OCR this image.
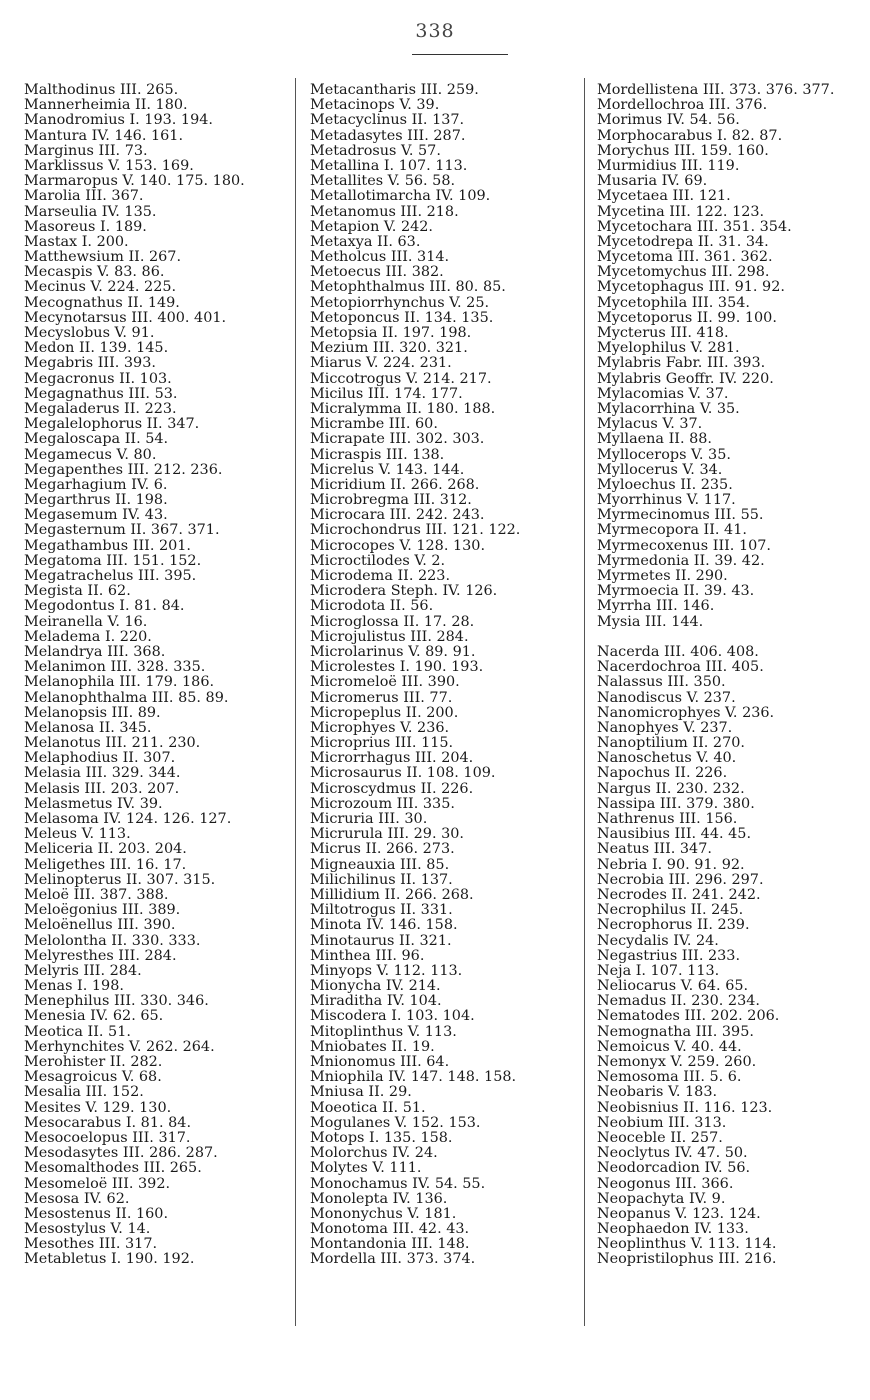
338
Malthodinus III. 265.
Mannerheimia II. 180.
Manodromius I. 193. 194.
Mantura IV. 146. 161.
Marginus III. 73.
Marklissus V. 153. 169.
Marmaropus V. 140. 175. 180.
Marolia III. 367.
Marseulia IV. 135.
Masoreus I. 189.
Mastax I. 200.
Matthewsium II. 267.
Mecaspis V. 83. 86.
Mecinus V. 224. 225.
Mecognathus II. 149.
Mecynotarsus III. 400. 401.
Mecyslobus V. 91.
Medon II. 139. 145.
Megabris III. 393.
Megacronus II. 103.
Megagnathus III. 53.
Megaladerus II. 223.
Megalelophorus II. 347.
Megaloscapa II. 54.
Megamecus V. 80.
Megapenthes III. 212. 236.
Megarhagium IV. 6.
Megarthrus II. 198.
Megasemum IV. 43.
Megasternum II. 367. 371.
Megathambus III. 201.
Megatoma III. 151. 152.
Megatrachelus III. 395.
Megista II. 62.
Megodontus I. 81. 84.
Meiranella V. 16.
Meladema I. 220.
Melandrya III. 368.
Melanimon III. 328. 335.
Melanophila III. 179. 186.
Melanophthalma III. 85. 89.
Melanopsis III. 89.
Melanosa II. 345.
Melanotus III. 211. 230.
Melaphodius II. 307.
Melasia III. 329. 344.
Melasis III. 203. 207.
Melasmetus IV. 39.
Melasoma IV. 124. 126. 127.
Meleus V. 113.
Meliceria II. 203. 204.
Meligethes III. 16. 17.
Melinopterus II. 307. 315.
Meloë III. 387. 388.
Meloëgonius III. 389.
Meloënellus III. 390.
Melolontha II. 330. 333.
Melyresthes III. 284.
Melyris III. 284.
Menas I. 198.
Menephilus III. 330. 346.
Menesia IV. 62. 65.
Meotica II. 51.
Merhynchites V. 262. 264.
Merohister II. 282.
Mesagroicus V. 68.
Mesalia III. 152.
Mesites V. 129. 130.
Mesocarabus I. 81. 84.
Mesocoelopus III. 317.
Mesodasytes III. 286. 287.
Mesomalthodes III. 265.
Mesomeloë III. 392.
Mesosa IV. 62.
Mesostenus II. 160.
Mesostylus V. 14.
Mesothes III. 317.
Metabletus I. 190. 192.
Metacantharis III. 259.
Metacinops V. 39.
Metacyclinus II. 137.
Metadasytes III. 287.
Metadrosus V. 57.
Metallina I. 107. 113.
Metallites V. 56. 58.
Metallotimarcha IV. 109.
Metanomus III. 218.
Metapion V. 242.
Metaxya II. 63.
Metholcus III. 314.
Metoecus III. 382.
Metophthalmus III. 80. 85.
Metopiorrhynchus V. 25.
Metoponcus II. 134. 135.
Metopsia II. 197. 198.
Mezium III. 320. 321.
Miarus V. 224. 231.
Miccotrogus V. 214. 217.
Micilus III. 174. 177.
Micralymma II. 180. 188.
Micrambe III. 60.
Micrapate III. 302. 303.
Micraspis III. 138.
Micrelus V. 143. 144.
Micridium II. 266. 268.
Microbregma III. 312.
Microcara III. 242. 243.
Microchondrus III. 121. 122.
Microcopes V. 128. 130.
Microctilodes V. 2.
Microdema II. 223.
Microdera Steph. IV. 126.
Microdota II. 56.
Microglossa II. 17. 28.
Microjulistus III. 284.
Microlarinus V. 89. 91.
Microlestes I. 190. 193.
Micromeloë III. 390.
Micromerus III. 77.
Micropeplus II. 200.
Microphyes V. 236.
Microprius III. 115.
Microrrhagus III. 204.
Microsaurus II. 108. 109.
Microscydmus II. 226.
Microzoum III. 335.
Micruria III. 30.
Micrurula III. 29. 30.
Micrus II. 266. 273.
Migneauxia III. 85.
Milichilinus II. 137.
Millidium II. 266. 268.
Miltotrogus II. 331.
Minota IV. 146. 158.
Minotaurus II. 321.
Minthea III. 96.
Minyops V. 112. 113.
Mionycha IV. 214.
Miraditha IV. 104.
Miscodera I. 103. 104.
Mitoplinthus V. 113.
Mniobates II. 19.
Mnionomus III. 64.
Mniophila IV. 147. 148. 158.
Mniusa II. 29.
Moeotica II. 51.
Mogulanes V. 152. 153.
Motops I. 135. 158.
Molorchus IV. 24.
Molytes V. 111.
Monochamus IV. 54. 55.
Monolepta IV. 136.
Mononychus V. 181.
Monotoma III. 42. 43.
Montandonia III. 148.
Mordella III. 373. 374.
Mordellistena III. 373. 376. 377.
Mordellochroa III. 376.
Morimus IV. 54. 56.
Morphocarabus I. 82. 87.
Morychus III. 159. 160.
Murmidius III. 119.
Musaria IV. 69.
Mycetaea III. 121.
Mycetina III. 122. 123.
Mycetochara III. 351. 354.
Mycetodrepa II. 31. 34.
Mycetoma III. 361. 362.
Mycetomychus III. 298.
Mycetophagus III. 91. 92.
Mycetophila III. 354.
Mycetoporus II. 99. 100.
Mycterus III. 418.
Myelophilus V. 281.
Mylabris Fabr. III. 393.
Mylabris Geoffr. IV. 220.
Mylacomias V. 37.
Mylacorrhina V. 35.
Mylacus V. 37.
Myllaena II. 88.
Myllocerops V. 35.
Myllocerus V. 34.
Myloechus II. 235.
Myorrhinus V. 117.
Myrmecinomus III. 55.
Myrmecopora II. 41.
Myrmecoxenus III. 107.
Myrmedonia II. 39. 42.
Myrmetes II. 290.
Myrmoecia II. 39. 43.
Myrrha III. 146.
Mysia III. 144.
Nacerda III. 406. 408.
Nacerdochroa III. 405.
Nalassus III. 350.
Nanodiscus V. 237.
Nanomicrophyes V. 236.
Nanophyes V. 237.
Nanoptilium II. 270.
Nanoschetus V. 40.
Napochus II. 226.
Nargus II. 230. 232.
Nassipa III. 379. 380.
Nathrenus III. 156.
Nausibius III. 44. 45.
Neatus III. 347.
Nebria I. 90. 91. 92.
Necrobia III. 296. 297.
Necrodes II. 241. 242.
Necrophilus II. 245.
Necrophorus II. 239.
Necydalis IV. 24.
Negastrius III. 233.
Neja I. 107. 113.
Neliocarus V. 64. 65.
Nemadus II. 230. 234.
Nematodes III. 202. 206.
Nemognatha III. 395.
Nemoicus V. 40. 44.
Nemonyx V. 259. 260.
Nemosoma III. 5. 6.
Neobaris V. 183.
Neobisnius II. 116. 123.
Neobium III. 313.
Neoceble II. 257.
Neoclytus IV. 47. 50.
Neodorcadion IV. 56.
Neogonus III. 366.
Neopachyta IV. 9.
Neopanus V. 123. 124.
Neophaedon IV. 133.
Neoplinthus V. 113. 114.
Neopristilophus III. 216.
